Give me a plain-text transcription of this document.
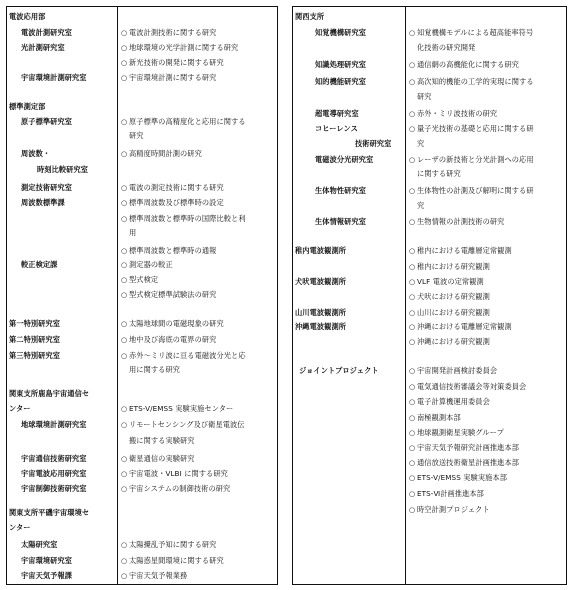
電波応用部
電波計測研究室	○ 電波計測技術に関する研究
光計測研究室	○ 地球環境の光学計測に関する研究
○ 新光技術の開発に関する研究
宇宙環境計測研究室	○ 宇宙環境計測に関する研究
標準測定部
原子標準研究室	○ 原子標準の高精度化と応用に関する
研究
周波数・	○ 高精度時間計測の研究
時刻比較研究室
測定技術研究室	○ 電波の測定技術に関する研究
周波数標準課	○ 標準周波数及び標準時の設定
○ 標準周波数と標準時の国際比較と利
用
○ 標準周波数と標準時の通報
較正検定課	○ 測定器の較正
○ 型式検定
○ 型式検定標準試験法の研究
第一特別研究室	○ 太陽地球間の電磁現象の研究
第二特別研究室	○ 地中及び海底の電界の研究
第三特別研究室	○ 赤外～ミリ波に亘る電磁波分光と応
用に関する研究
関東支所鹿島宇宙通信セ
ンター	○ ETS-V/EMSS 実験実施センター
地球環境計測研究室	○ リモートセンシング及び衛星電波伝
搬に関する実験研究
宇宙通信技術研究室	○ 衛星通信の実験研究
宇宙電波応用研究室	○ 宇宙電波・VLBI に関する研究
宇宙制御技術研究室	○ 宇宙システムの制御技術の研究
関東支所平磯宇宙環境セ
ンター
太陽研究室	○ 太陽擾乱予知に関する研究
宇宙環境研究室	○ 太陽惑星間環境に関する研究
宇宙天気予報課	○ 宇宙天気予報業務
関西支所
知覚機構研究室	○ 知覚機構モデルによる超高能率符号
化技術の研究開発
知識処理研究室	○ 通信網の高機能化に関する研究
知的機能研究室	○ 高次知的機能の工学的実現に関する
研究
超電導研究室	○ 赤外・ミリ波技術の研究
コヒーレンス	○ 量子光技術の基礎と応用に関する研
技術研究室	究
電磁波分光研究室	○ レーザの新技術と分光計測への応用
に関する研究
生体物性研究室	○ 生体物性の計測及び解明に関する研
究
生体情報研究室	○ 生物情報の計測技術の研究
稚内電波観測所	○ 稚内における電離層定常観測
○ 稚内における研究観測
犬吠電波観測所	○ VLF 電波の定常観測
○ 犬吠における研究観測
山川電波観測所	○ 山川における研究観測
沖縄電波観測所	○ 沖縄における電離層定常観測
○ 沖縄における研究観測
ジョイントプロジェクト	○ 宇宙開発計画検討委員会
○ 電気通信技術審議会等対策委員会
○ 電子計算機運用委員会
○ 南極観測本部
○ 地球観測衛星実験グループ
○ 宇宙天気予報研究計画推進本部
○ 通信放送技術衛星計画推進本部
○ ETS-V/EMSS 実験実施本部
○ ETS-Ⅵ計画推進本部
○ 時空計測プロジェクト
